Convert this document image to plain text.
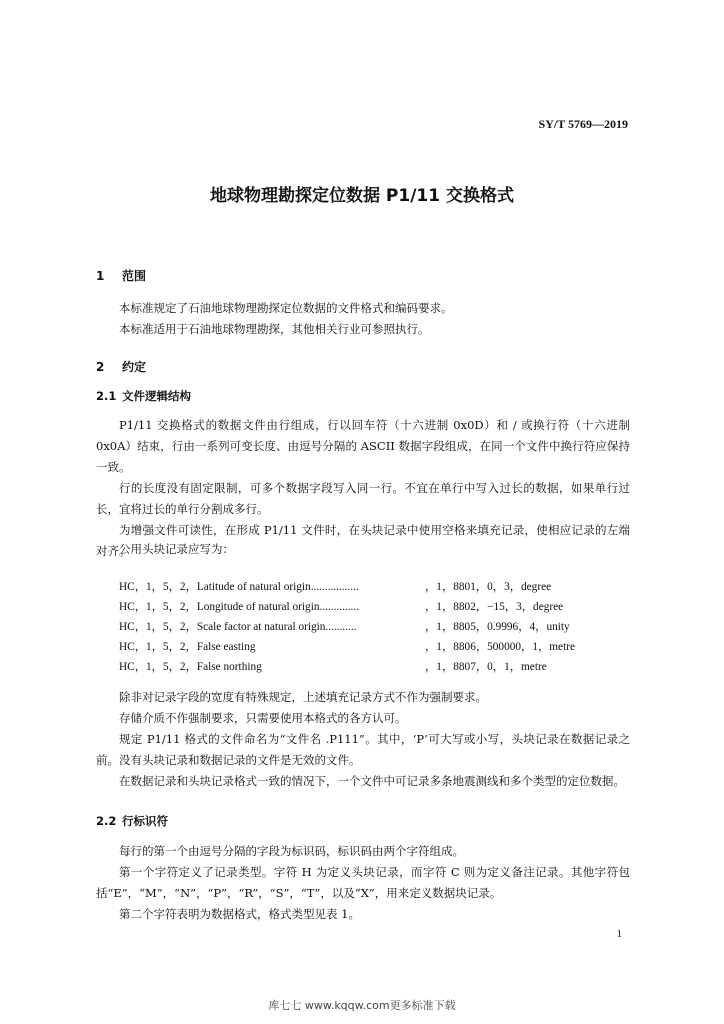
SY/T 5769—2019
地球物理勘探定位数据 P1/11 交换格式
1 范围
本标准规定了石油地球物理勘探定位数据的文件格式和编码要求。
本标准适用于石油地球物理勘探，其他相关行业可参照执行。
2 约定
2.1 文件逻辑结构
P1/11 交换格式的数据文件由行组成，行以回车符（十六进制 0x0D）和 / 或换行符（十六进制 0x0A）结束，行由一系列可变长度、由逗号分隔的 ASCII 数据字段组成，在同一个文件中换行符应保持一致。
行的长度没有固定限制，可多个数据字段写入同一行。不宜在单行中写入过长的数据，如果单行过长，宜将过长的单行分割成多行。
为增强文件可读性，在形成 P1/11 文件时，在头块记录中使用空格来填充记录，使相应记录的左端对齐。
公用头块记录应写为：
HC，1，5，2，Latitude of natural origin.................	，1，8801，0，3，degree
HC，1，5，2，Longitude of natural origin..............	，1，8802，−15，3，degree
HC，1，5，2，Scale factor at natural origin...........	，1，8805，0.9996，4，unity
HC，1，5，2，False easting	，1，8806，500000，1，metre
HC，1，5，2，False northing	，1，8807，0，1，metre
除非对记录字段的宽度有特殊规定，上述填充记录方式不作为强制要求。
存储介质不作强制要求，只需要使用本格式的各方认可。
规定 P1/11 格式的文件命名为“文件名 .P111”。其中，‘P’可大写或小写，头块记录在数据记录之前。没有头块记录和数据记录的文件是无效的文件。
在数据记录和头块记录格式一致的情况下，一个文件中可记录多条地震测线和多个类型的定位数据。
2.2 行标识符
每行的第一个由逗号分隔的字段为标识码，标识码由两个字符组成。
第一个字符定义了记录类型。字符 H 为定义头块记录，而字符 C 则为定义备注记录。其他字符包括“E”，“M”，“N”，“P”，“R”，“S”，“T”，以及“X”，用来定义数据块记录。
第二个字符表明为数据格式，格式类型见表 1。
1
库七七 www.kqqw.com更多标准下载
